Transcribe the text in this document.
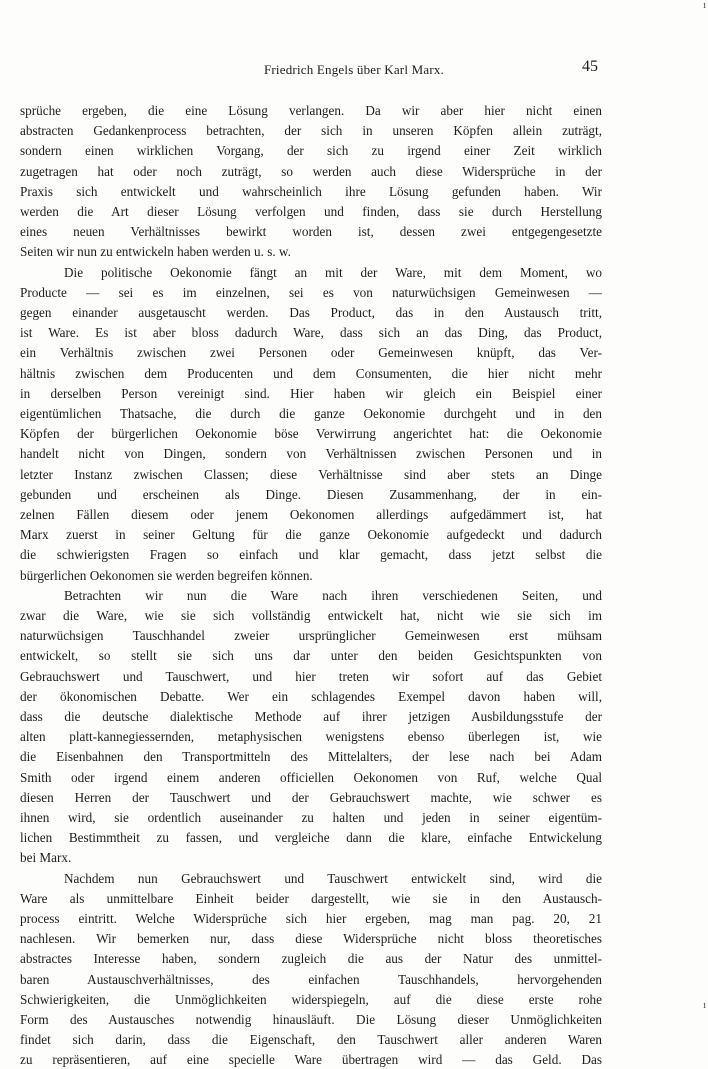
Friedrich Engels über Karl Marx.	45
sprüche ergeben, die eine Lösung verlangen. Da wir aber hier nicht einen
abstracten Gedankenprocess betrachten, der sich in unseren Köpfen allein zuträgt,
sondern einen wirklichen Vorgang, der sich zu irgend einer Zeit wirklich
zugetragen hat oder noch zuträgt, so werden auch diese Widersprüche in der
Praxis sich entwickelt und wahrscheinlich ihre Lösung gefunden haben. Wir
werden die Art dieser Lösung verfolgen und finden, dass sie durch Herstellung
eines neuen Verhältnisses bewirkt worden ist, dessen zwei entgegengesetzte
Seiten wir nun zu entwickeln haben werden u. s. w.
Die politische Oekonomie fängt an mit der Ware, mit dem Moment, wo
Producte — sei es im einzelnen, sei es von naturwüchsigen Gemeinwesen —
gegen einander ausgetauscht werden. Das Product, das in den Austausch tritt,
ist Ware. Es ist aber bloss dadurch Ware, dass sich an das Ding, das Product,
ein Verhältnis zwischen zwei Personen oder Gemeinwesen knüpft, das Ver-
hältnis zwischen dem Producenten und dem Consumenten, die hier nicht mehr
in derselben Person vereinigt sind. Hier haben wir gleich ein Beispiel einer
eigentümlichen Thatsache, die durch die ganze Oekonomie durchgeht und in den
Köpfen der bürgerlichen Oekonomie böse Verwirrung angerichtet hat: die Oekonomie
handelt nicht von Dingen, sondern von Verhältnissen zwischen Personen und in
letzter Instanz zwischen Classen; diese Verhältnisse sind aber stets an Dinge
gebunden und erscheinen als Dinge. Diesen Zusammenhang, der in ein-
zelnen Fällen diesem oder jenem Oekonomen allerdings aufgedämmert ist, hat
Marx zuerst in seiner Geltung für die ganze Oekonomie aufgedeckt und dadurch
die schwierigsten Fragen so einfach und klar gemacht, dass jetzt selbst die
bürgerlichen Oekonomen sie werden begreifen können.
Betrachten wir nun die Ware nach ihren verschiedenen Seiten, und
zwar die Ware, wie sie sich vollständig entwickelt hat, nicht wie sie sich im
naturwüchsigen Tauschhandel zweier ursprünglicher Gemeinwesen erst mühsam
entwickelt, so stellt sie sich uns dar unter den beiden Gesichtspunkten von
Gebrauchswert und Tauschwert, und hier treten wir sofort auf das Gebiet
der ökonomischen Debatte. Wer ein schlagendes Exempel davon haben will,
dass die deutsche dialektische Methode auf ihrer jetzigen Ausbildungsstufe der
alten platt-kannegiessernden, metaphysischen wenigstens ebenso überlegen ist, wie
die Eisenbahnen den Transportmitteln des Mittelalters, der lese nach bei Adam
Smith oder irgend einem anderen officiellen Oekonomen von Ruf, welche Qual
diesen Herren der Tauschwert und der Gebrauchswert machte, wie schwer es
ihnen wird, sie ordentlich auseinander zu halten und jeden in seiner eigentüm-
lichen Bestimmtheit zu fassen, und vergleiche dann die klare, einfache Entwickelung
bei Marx.
Nachdem nun Gebrauchswert und Tauschwert entwickelt sind, wird die
Ware als unmittelbare Einheit beider dargestellt, wie sie in den Austausch-
process eintritt. Welche Widersprüche sich hier ergeben, mag man pag. 20, 21
nachlesen. Wir bemerken nur, dass diese Widersprüche nicht bloss theoretisches
abstractes Interesse haben, sondern zugleich die aus der Natur des unmittel-
baren Austauschverhältnisses, des einfachen Tauschhandels, hervorgehenden
Schwierigkeiten, die Unmöglichkeiten widerspiegeln, auf die diese erste rohe
Form des Austausches notwendig hinausläuft. Die Lösung dieser Unmöglichkeiten
findet sich darin, dass die Eigenschaft, den Tauschwert aller anderen Waren
zu repräsentieren, auf eine specielle Ware übertragen wird — das Geld. Das
ı
ı
